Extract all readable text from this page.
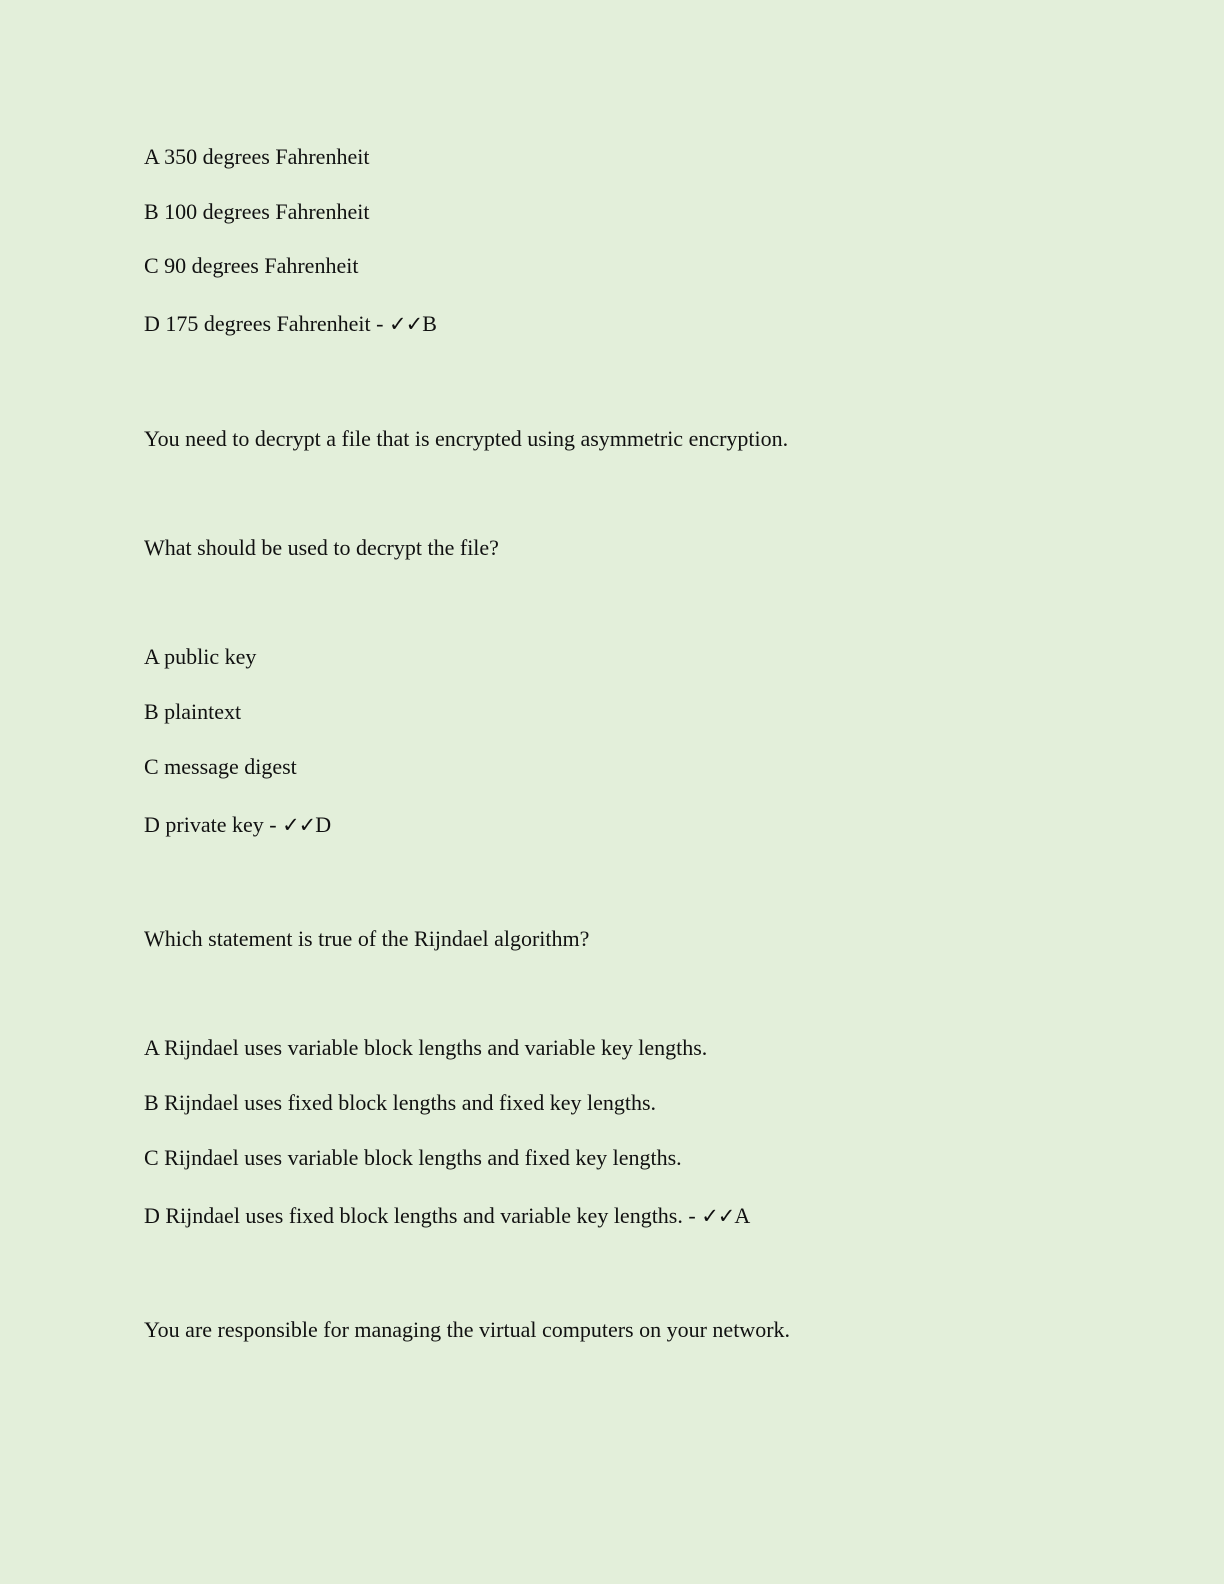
A 350 degrees Fahrenheit

B 100 degrees Fahrenheit

C 90 degrees Fahrenheit

D 175 degrees Fahrenheit - ✓✓B

You need to decrypt a file that is encrypted using asymmetric encryption.

What should be used to decrypt the file?

A public key

B plaintext

C message digest

D private key - ✓✓D

Which statement is true of the Rijndael algorithm?

A Rijndael uses variable block lengths and variable key lengths.

B Rijndael uses fixed block lengths and fixed key lengths.

C Rijndael uses variable block lengths and fixed key lengths.

D Rijndael uses fixed block lengths and variable key lengths. - ✓✓A

You are responsible for managing the virtual computers on your network.
